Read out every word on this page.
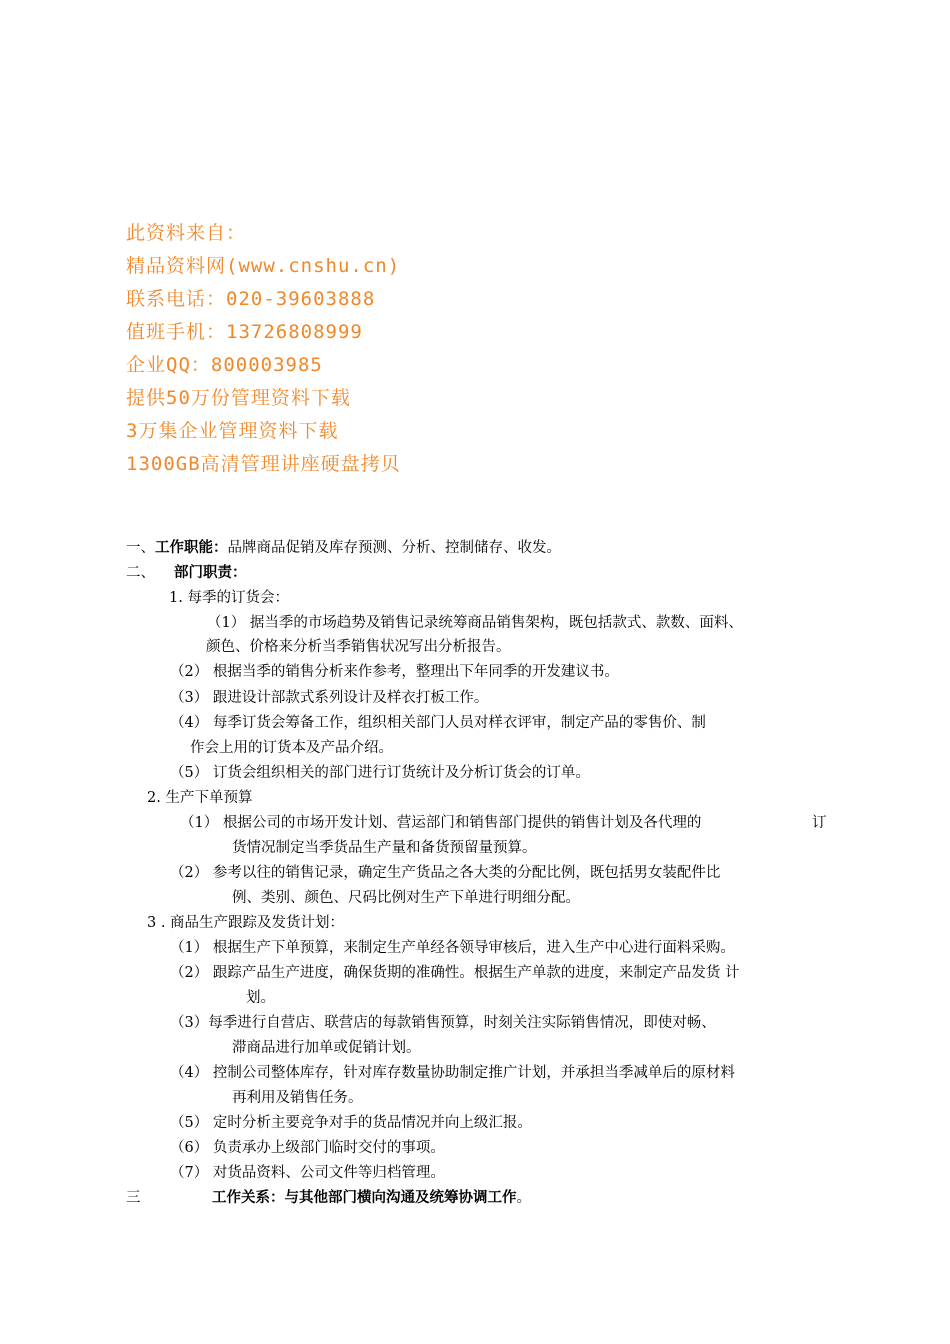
此资料来自：
精品资料网(www.cnshu.cn)
联系电话：020-39603888
值班手机：13726808999
企业QQ：800003985
提供50万份管理资料下载
3万集企业管理资料下载
1300GB高清管理讲座硬盘拷贝
一、工作职能：品牌商品促销及库存预测、分析、控制储存、收发。
二、 部门职责：
1. 每季的订货会：
（1） 据当季的市场趋势及销售记录统筹商品销售架构，既包括款式、款数、面料、
颜色、价格来分析当季销售状况写出分析报告。
（2） 根据当季的销售分析来作参考，整理出下年同季的开发建议书。
（3） 跟进设计部款式系列设计及样衣打板工作。
（4） 每季订货会筹备工作，组织相关部门人员对样衣评审，制定产品的零售价、制
作会上用的订货本及产品介绍。
（5） 订货会组织相关的部门进行订货统计及分析订货会的订单。
2. 生产下单预算
（1） 根据公司的市场开发计划、营运部门和销售部门提供的销售计划及各代理的	订
货情况制定当季货品生产量和备货预留量预算。
（2） 参考以往的销售记录，确定生产货品之各大类的分配比例，既包括男女装配件比
例、类别、颜色、尺码比例对生产下单进行明细分配。
3 . 商品生产跟踪及发货计划：
（1） 根据生产下单预算，来制定生产单经各领导审核后，进入生产中心进行面料采购。
（2） 跟踪产品生产进度，确保货期的准确性。根据生产单款的进度，来制定产品发货 计
划。
（3）每季进行自营店、联营店的每款销售预算，时刻关注实际销售情况，即使对畅、
滞商品进行加单或促销计划。
（4） 控制公司整体库存，针对库存数量协助制定推广计划，并承担当季减单后的原材料
再利用及销售任务。
（5） 定时分析主要竞争对手的货品情况并向上级汇报。
（6） 负责承办上级部门临时交付的事项。
（7） 对货品资料、公司文件等归档管理。
三	工作关系：与其他部门横向沟通及统筹协调工作。
